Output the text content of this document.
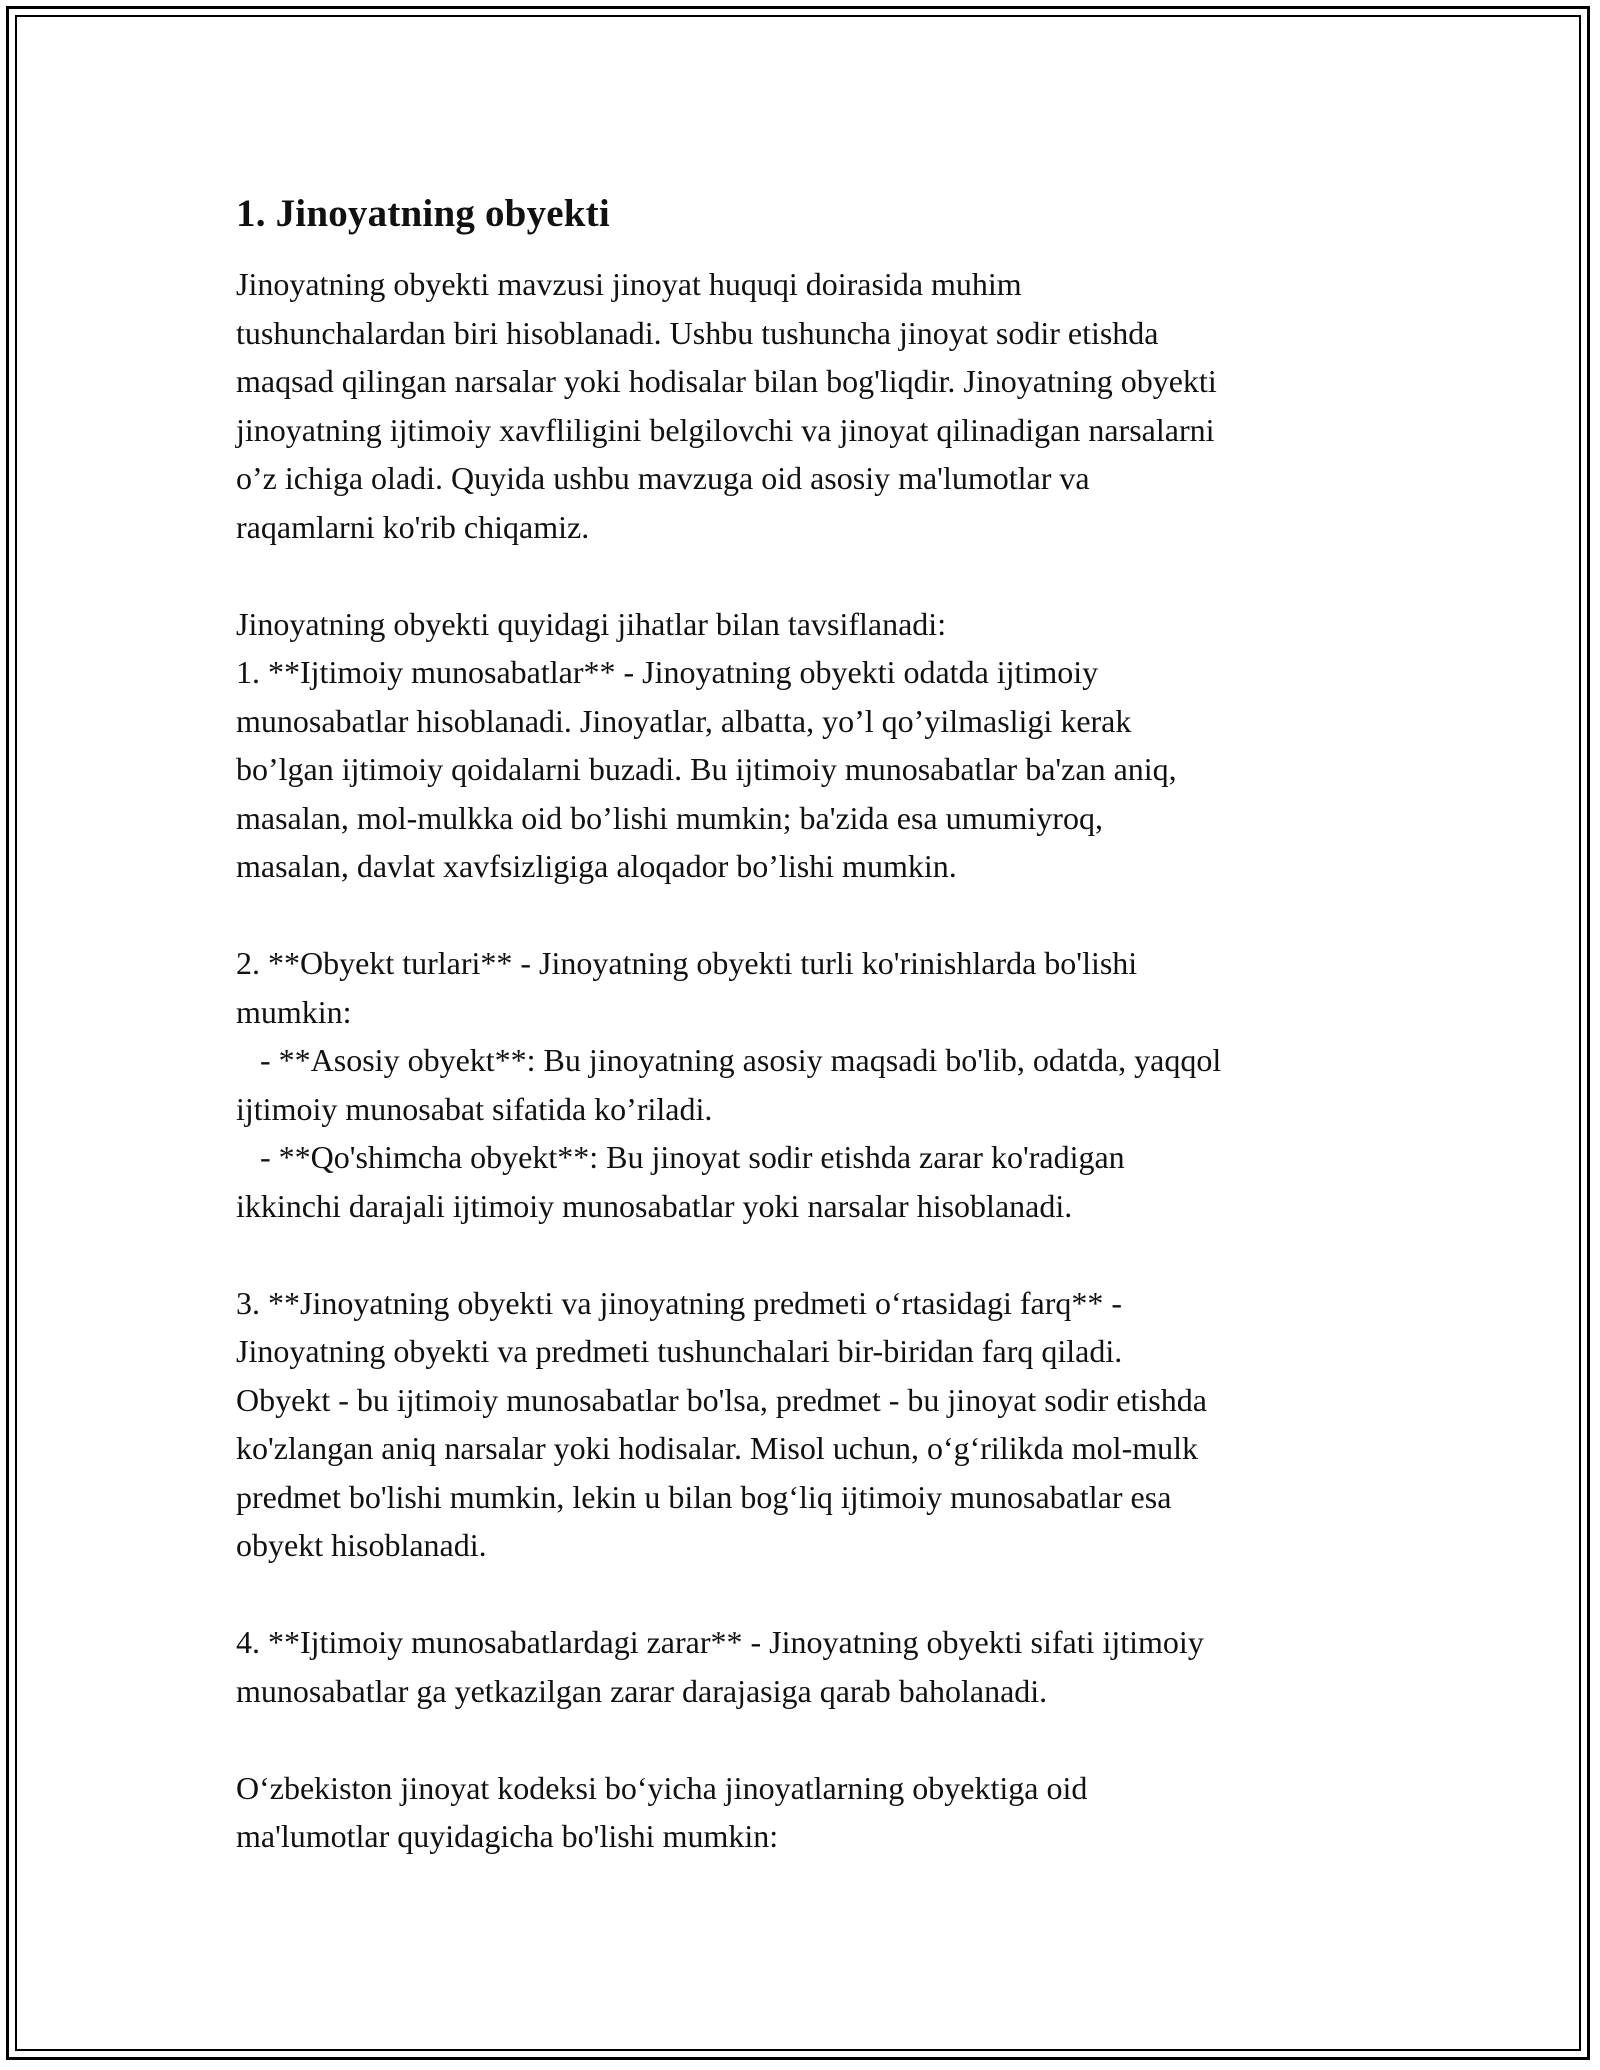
1. Jinoyatning obyekti

Jinoyatning obyekti mavzusi jinoyat huquqi doirasida muhim
tushunchalardan biri hisoblanadi. Ushbu tushuncha jinoyat sodir etishda
maqsad qilingan narsalar yoki hodisalar bilan bog'liqdir. Jinoyatning obyekti
jinoyatning ijtimoiy xavfliligini belgilovchi va jinoyat qilinadigan narsalarni
o’z ichiga oladi. Quyida ushbu mavzuga oid asosiy ma'lumotlar va
raqamlarni ko'rib chiqamiz.

Jinoyatning obyekti quyidagi jihatlar bilan tavsiflanadi:

1. **Ijtimoiy munosabatlar** - Jinoyatning obyekti odatda ijtimoiy
munosabatlar hisoblanadi. Jinoyatlar, albatta, yo’l qo’yilmasligi kerak
bo’lgan ijtimoiy qoidalarni buzadi. Bu ijtimoiy munosabatlar ba'zan aniq,
masalan, mol-mulkka oid bo’lishi mumkin; ba'zida esa umumiyroq,
masalan, davlat xavfsizligiga aloqador bo’lishi mumkin.

2. **Obyekt turlari** - Jinoyatning obyekti turli ko'rinishlarda bo'lishi
mumkin:
- **Asosiy obyekt**: Bu jinoyatning asosiy maqsadi bo'lib, odatda, yaqqol
ijtimoiy munosabat sifatida ko’riladi.
- **Qo'shimcha obyekt**: Bu jinoyat sodir etishda zarar ko'radigan
ikkinchi darajali ijtimoiy munosabatlar yoki narsalar hisoblanadi.

3. **Jinoyatning obyekti va jinoyatning predmeti o‘rtasidagi farq** -
Jinoyatning obyekti va predmeti tushunchalari bir-biridan farq qiladi.
Obyekt - bu ijtimoiy munosabatlar bo'lsa, predmet - bu jinoyat sodir etishda
ko'zlangan aniq narsalar yoki hodisalar. Misol uchun, o‘g‘rilikda mol-mulk
predmet bo'lishi mumkin, lekin u bilan bog‘liq ijtimoiy munosabatlar esa
obyekt hisoblanadi.

4. **Ijtimoiy munosabatlardagi zarar** - Jinoyatning obyekti sifati ijtimoiy
munosabatlar ga yetkazilgan zarar darajasiga qarab baholanadi.

O‘zbekiston jinoyat kodeksi bo‘yicha jinoyatlarning obyektiga oid
ma'lumotlar quyidagicha bo'lishi mumkin:
